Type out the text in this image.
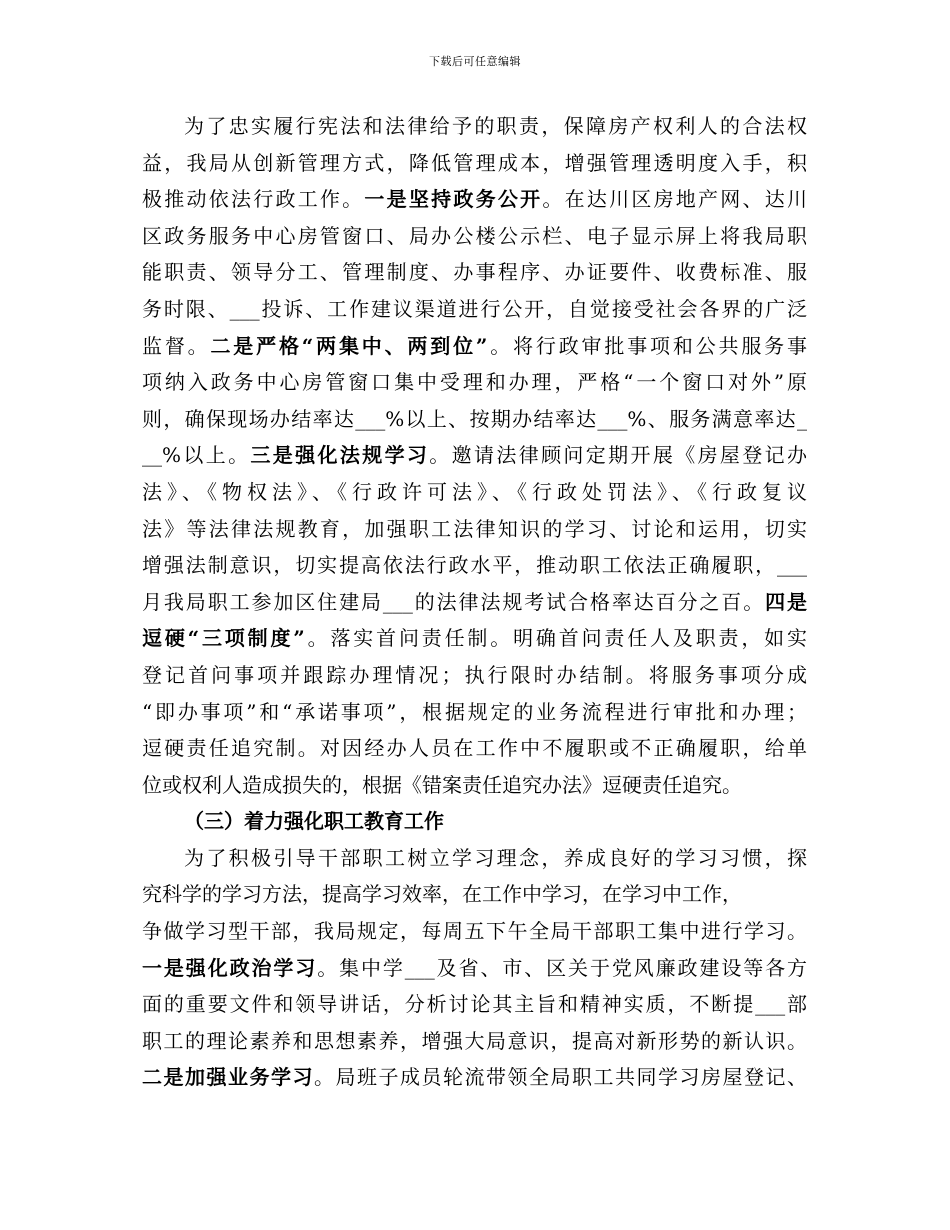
下载后可任意编辑
为了忠实履行宪法和法律给予的职责，保障房产权利人的合法权
益，我局从创新管理方式，降低管理成本，增强管理透明度入手，积
极推动依法行政工作。一是坚持政务公开。在达川区房地产网、达川
区政务服务中心房管窗口、局办公楼公示栏、电子显示屏上将我局职
能职责、领导分工、管理制度、办事程序、办证要件、收费标准、服
务时限、___投诉、工作建议渠道进行公开，自觉接受社会各界的广泛
监督。二是严格“两集中、两到位”。将行政审批事项和公共服务事
项纳入政务中心房管窗口集中受理和办理，严格“一个窗口对外”原
则，确保现场办结率达___%以上、按期办结率达___%、服务满意率达_
__%以上。三是强化法规学习。邀请法律顾问定期开展《房屋登记办
法》、《物权法》、《行政许可法》、《行政处罚法》、《行政复议
法》等法律法规教育，加强职工法律知识的学习、讨论和运用，切实
增强法制意识，切实提高依法行政水平，推动职工依法正确履职，___
月我局职工参加区住建局___的法律法规考试合格率达百分之百。四是
逗硬“三项制度”。落实首问责任制。明确首问责任人及职责，如实
登记首问事项并跟踪办理情况；执行限时办结制。将服务事项分成
“即办事项”和“承诺事项”，根据规定的业务流程进行审批和办理；
逗硬责任追究制。对因经办人员在工作中不履职或不正确履职，给单
位或权利人造成损失的，根据《错案责任追究办法》逗硬责任追究。
（三）着力强化职工教育工作
为了积极引导干部职工树立学习理念，养成良好的学习习惯，探
究科学的学习方法，提高学习效率，在工作中学习，在学习中工作，
争做学习型干部，我局规定，每周五下午全局干部职工集中进行学习。
一是强化政治学习。集中学___及省、市、区关于党风廉政建设等各方
面的重要文件和领导讲话，分析讨论其主旨和精神实质，不断提___部
职工的理论素养和思想素养，增强大局意识，提高对新形势的新认识。
二是加强业务学习。局班子成员轮流带领全局职工共同学习房屋登记、
